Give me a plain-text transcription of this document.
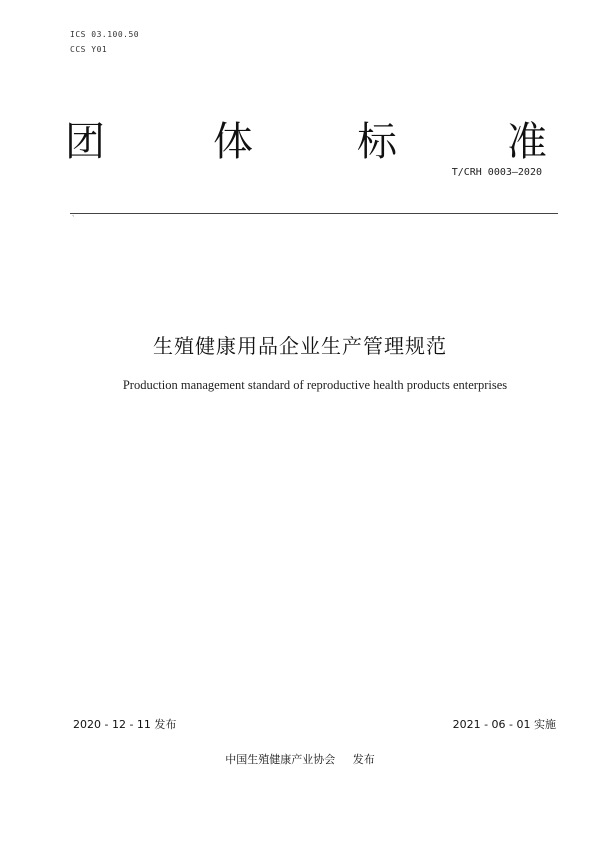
ICS 03.100.50
CCS Y01
团	体	标	准
T/CRH 0003—2020
、
生殖健康用品企业生产管理规范
Production management standard of reproductive health products enterprises
2020 - 12 - 11 发布	2021 - 06 - 01 实施
中国生殖健康产业协会 发布
